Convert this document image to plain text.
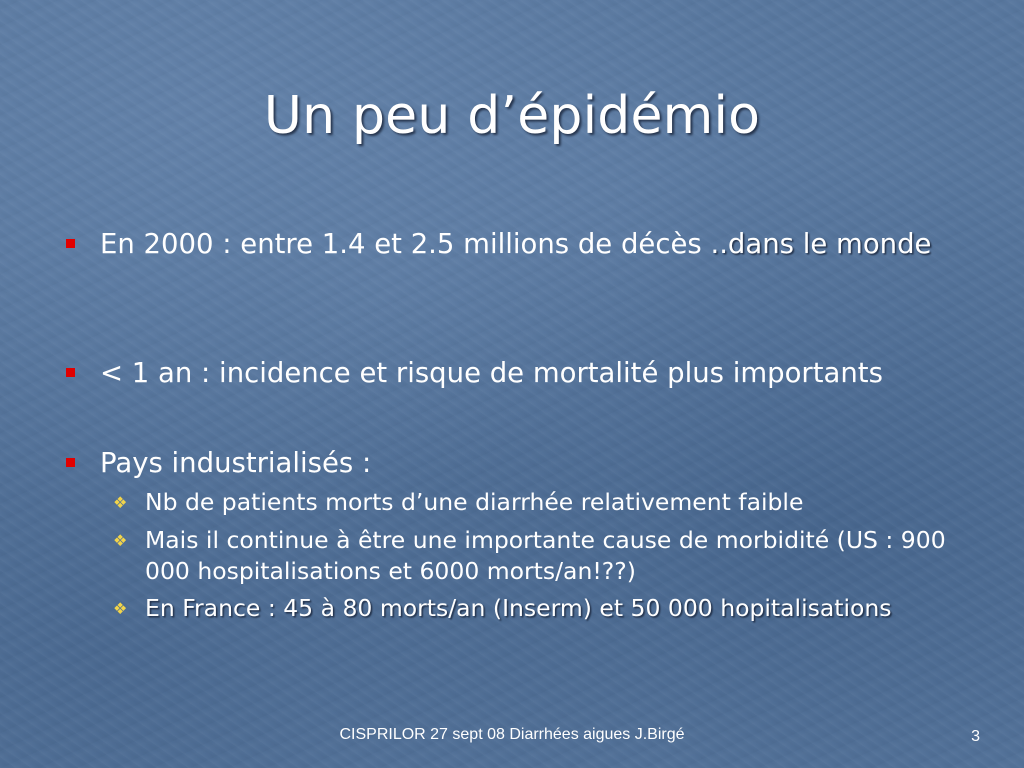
Un peu d’épidémio
En 2000 : entre 1.4 et 2.5 millions de décès ..dans le monde
< 1 an : incidence et risque de mortalité plus importants
Pays industrialisés :
❖ Nb de patients morts d’une diarrhée relativement faible
❖ Mais il continue à être une importante cause de morbidité (US : 900 000 hospitalisations et 6000 morts/an!??)
❖ En France : 45 à 80 morts/an (Inserm) et 50 000 hopitalisations
CISPRILOR 27 sept 08 Diarrhées aigues J.Birgé	3
